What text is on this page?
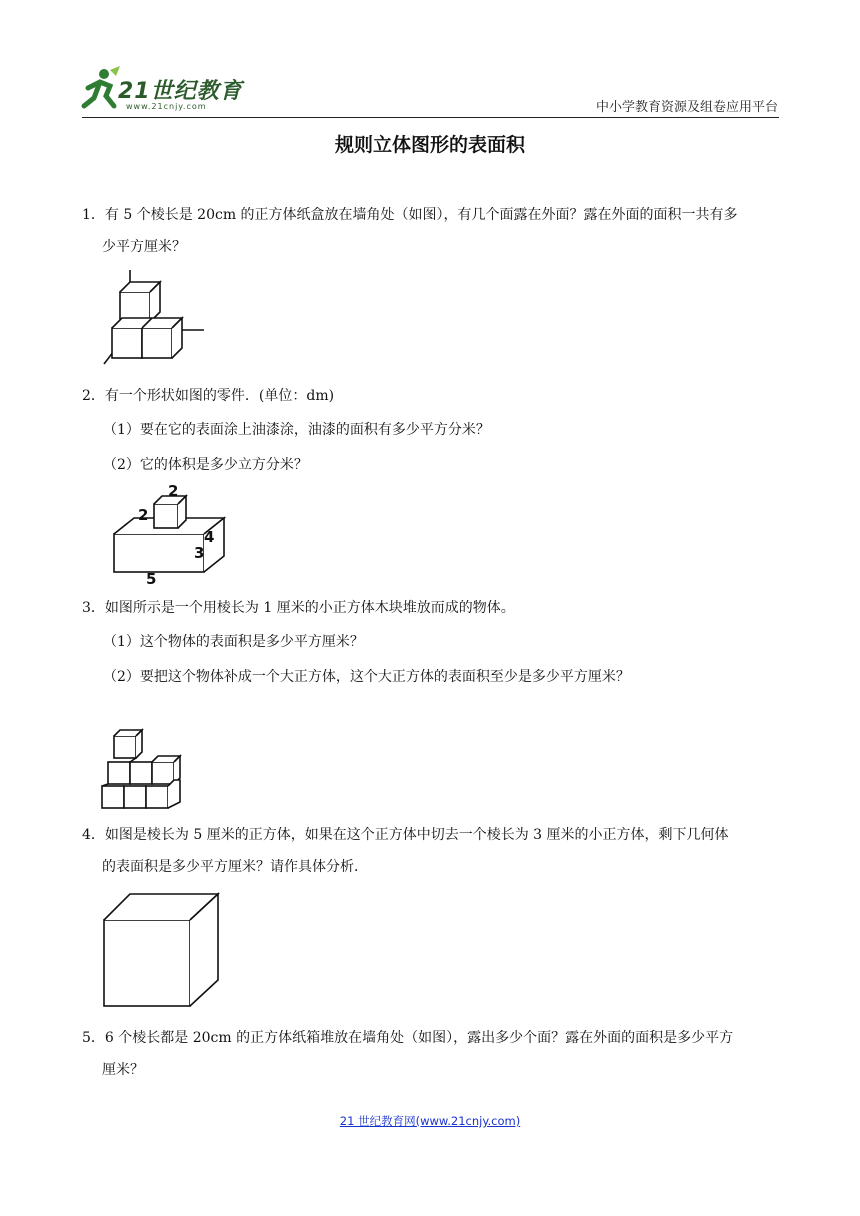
21世纪教育
www.21cnjy.com	中小学教育资源及组卷应用平台
规则立体图形的表面积
1．有 5 个棱长是 20cm 的正方体纸盒放在墙角处（如图），有几个面露在外面？露在外面的面积一共有多
少平方厘米？
2．有一个形状如图的零件．(单位：dm)
（1）要在它的表面涂上油漆涂，油漆的面积有多少平方分米？
（2）它的体积是多少立方分米？
2
2
4
3
5
3．如图所示是一个用棱长为 1 厘米的小正方体木块堆放而成的物体。
（1）这个物体的表面积是多少平方厘米？
（2）要把这个物体补成一个大正方体，这个大正方体的表面积至少是多少平方厘米？
4．如图是棱长为 5 厘米的正方体，如果在这个正方体中切去一个棱长为 3 厘米的小正方体，剩下几何体
的表面积是多少平方厘米？请作具体分析．
5．6 个棱长都是 20cm 的正方体纸箱堆放在墙角处（如图），露出多少个面？露在外面的面积是多少平方
厘米？
21 世纪教育网(www.21cnjy.com)
